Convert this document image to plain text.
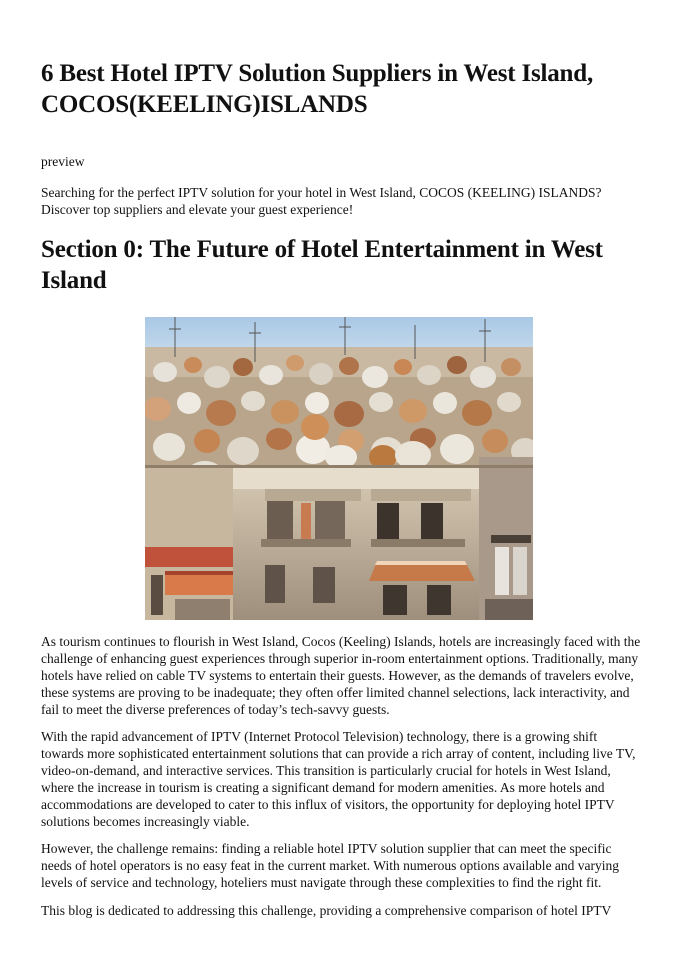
6 Best Hotel IPTV Solution Suppliers in West Island, COCOS(KEELING)ISLANDS
preview

Searching for the perfect IPTV solution for your hotel in West Island, COCOS (KEELING) ISLANDS? Discover top suppliers and elevate your guest experience!

Section 0: The Future of Hotel Entertainment in West Island

As tourism continues to flourish in West Island, Cocos (Keeling) Islands, hotels are increasingly faced with the challenge of enhancing guest experiences through superior in-room entertainment options. Traditionally, many hotels have relied on cable TV systems to entertain their guests. However, as the demands of travelers evolve, these systems are proving to be inadequate; they often offer limited channel selections, lack interactivity, and fail to meet the diverse preferences of today’s tech-savvy guests.

With the rapid advancement of IPTV (Internet Protocol Television) technology, there is a growing shift towards more sophisticated entertainment solutions that can provide a rich array of content, including live TV, video-on-demand, and interactive services. This transition is particularly crucial for hotels in West Island, where the increase in tourism is creating a significant demand for modern amenities. As more hotels and accommodations are developed to cater to this influx of visitors, the opportunity for deploying hotel IPTV solutions becomes increasingly viable.

However, the challenge remains: finding a reliable hotel IPTV solution supplier that can meet the specific needs of hotel operators is no easy feat in the current market. With numerous options available and varying levels of service and technology, hoteliers must navigate through these complexities to find the right fit.

This blog is dedicated to addressing this challenge, providing a comprehensive comparison of hotel IPTV
